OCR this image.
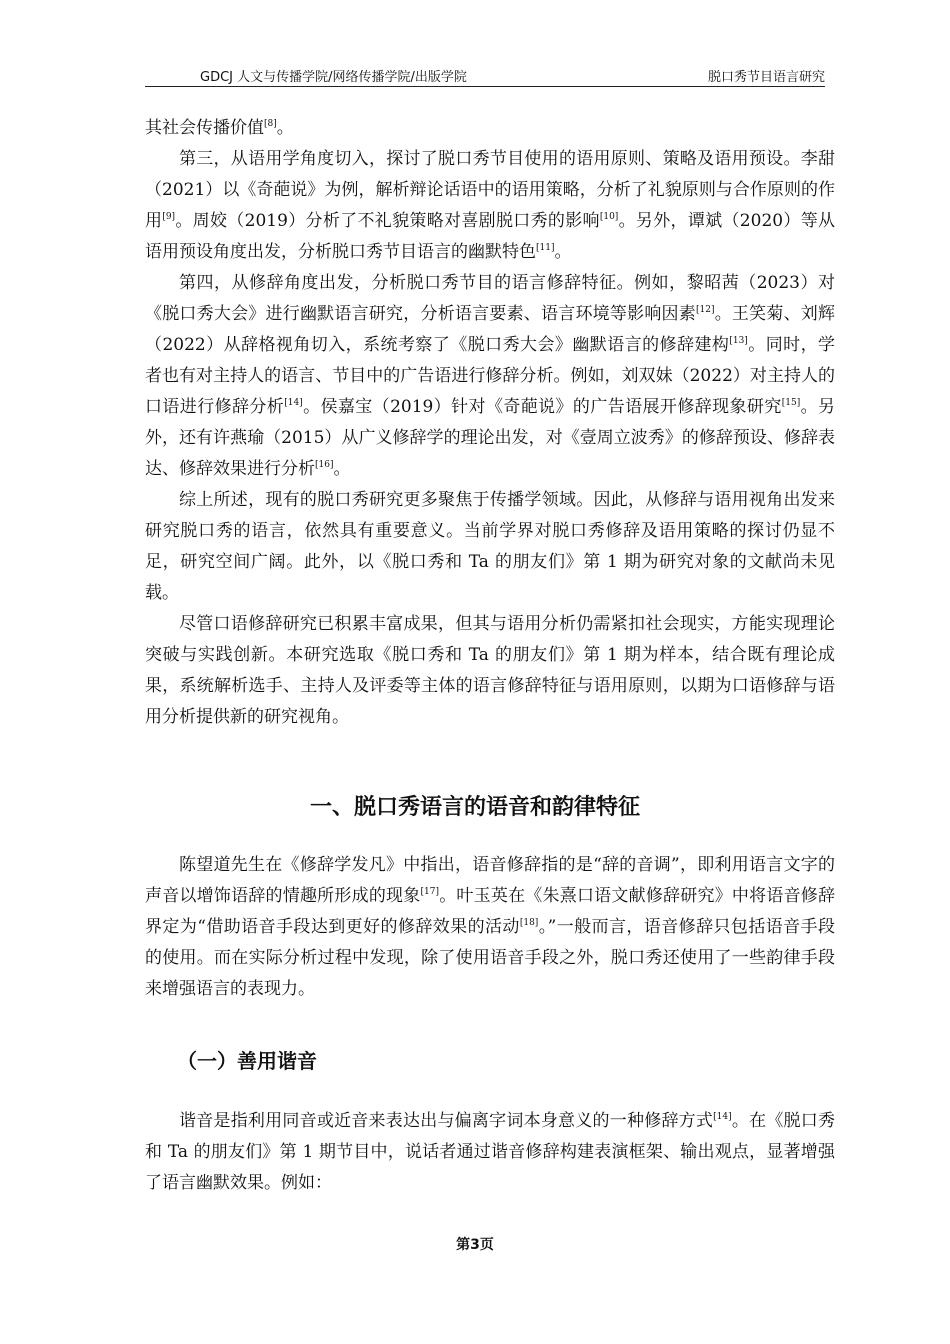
GDCJ 人文与传播学院/网络传播学院/出版学院	脱口秀节目语言研究

其社会传播价值[8]。

第三，从语用学角度切入，探讨了脱口秀节目使用的语用原则、策略及语用预设。李甜（2021）以《奇葩说》为例，解析辩论话语中的语用策略，分析了礼貌原则与合作原则的作用[9]。周姣（2019）分析了不礼貌策略对喜剧脱口秀的影响[10]。另外，谭斌（2020）等从语用预设角度出发，分析脱口秀节目语言的幽默特色[11]。

第四，从修辞角度出发，分析脱口秀节目的语言修辞特征。例如，黎昭茜（2023）对《脱口秀大会》进行幽默语言研究，分析语言要素、语言环境等影响因素[12]。王笑菊、刘辉（2022）从辞格视角切入，系统考察了《脱口秀大会》幽默语言的修辞建构[13]。同时，学者也有对主持人的语言、节目中的广告语进行修辞分析。例如，刘双妹（2022）对主持人的口语进行修辞分析[14]。侯嘉宝（2019）针对《奇葩说》的广告语展开修辞现象研究[15]。另外，还有许燕瑜（2015）从广义修辞学的理论出发，对《壹周立波秀》的修辞预设、修辞表达、修辞效果进行分析[16]。

综上所述，现有的脱口秀研究更多聚焦于传播学领域。因此，从修辞与语用视角出发来研究脱口秀的语言，依然具有重要意义。当前学界对脱口秀修辞及语用策略的探讨仍显不足，研究空间广阔。此外，以《脱口秀和 Ta 的朋友们》第 1 期为研究对象的文献尚未见载。

尽管口语修辞研究已积累丰富成果，但其与语用分析仍需紧扣社会现实，方能实现理论突破与实践创新。本研究选取《脱口秀和 Ta 的朋友们》第 1 期为样本，结合既有理论成果，系统解析选手、主持人及评委等主体的语言修辞特征与语用原则，以期为口语修辞与语用分析提供新的研究视角。

一、脱口秀语言的语音和韵律特征

陈望道先生在《修辞学发凡》中指出，语音修辞指的是“辞的音调”，即利用语言文字的声音以增饰语辞的情趣所形成的现象[17]。叶玉英在《朱熹口语文献修辞研究》中将语音修辞界定为“借助语音手段达到更好的修辞效果的活动[18]。”一般而言，语音修辞只包括语音手段的使用。而在实际分析过程中发现，除了使用语音手段之外，脱口秀还使用了一些韵律手段来增强语言的表现力。

（一）善用谐音

谐音是指利用同音或近音来表达出与偏离字词本身意义的一种修辞方式[14]。在《脱口秀和 Ta 的朋友们》第 1 期节目中，说话者通过谐音修辞构建表演框架、输出观点，显著增强了语言幽默效果。例如：

第3页
